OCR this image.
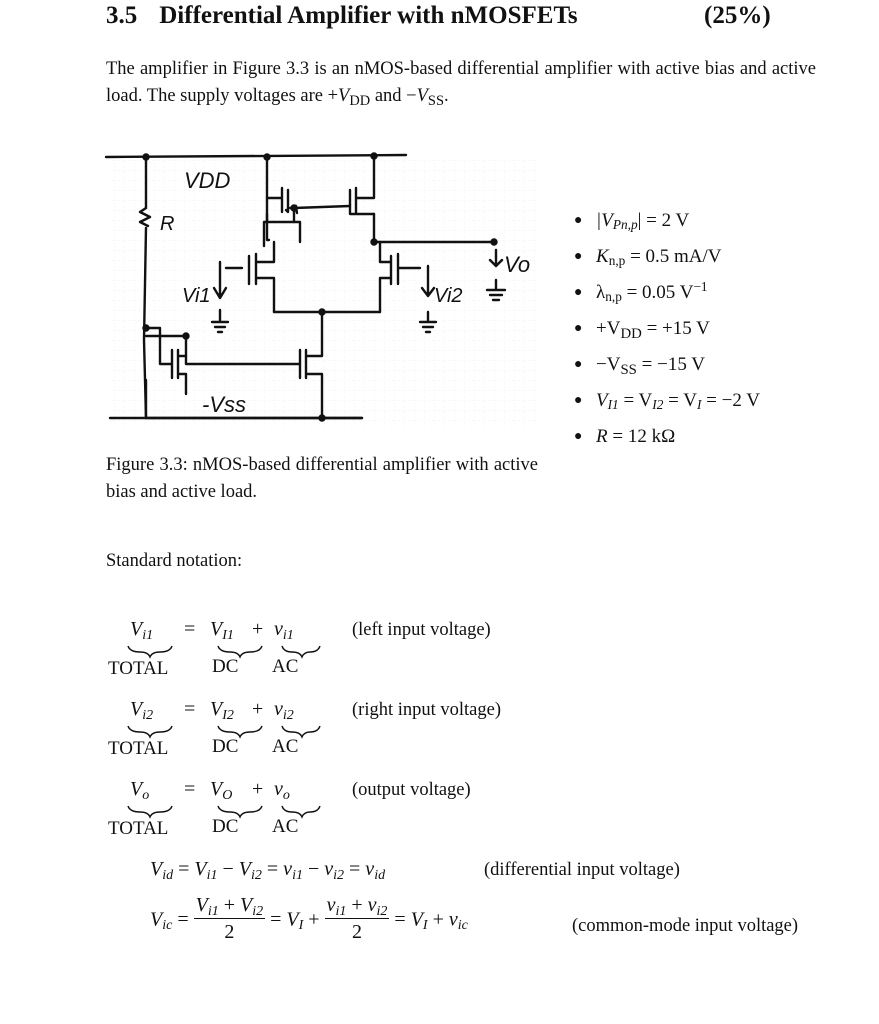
3.5 Differential Amplifier with nMOSFETs	(25%)
The amplifier in Figure 3.3 is an nMOS-based differential amplifier with active bias and active load. The supply voltages are $+V_{DD}$ and $-V_{SS}$.
VDD
R
Vo
Vi1	Vi2
-Vss
● $|V_{Pn,p}| = 2$ V
● $K_{n,p} = 0.5$ mA/V
● $\lambda_{n,p} = 0.05$ $V^{-1}$
● $+V_{DD} = +15$ V
● $-V_{SS} = -15$ V
● $V_{I1} = V_{I2} = V_I = -2$ V
● R = 12 kΩ
Figure 3.3: nMOS-based differential amplifier with active bias and active load.
Standard notation:
$V_{i1} = V_{I1} + v_{i1}$
TOTAL DC AC
(left input voltage)
$V_{i2} = V_{I2} + v_{i2}$
TOTAL DC AC
(right input voltage)
$V_o = V_O + v_o$
TOTAL DC AC
(output voltage)
$V_{id} = V_{i1} - V_{i2} = v_{i1} - v_{i2} = v_{id}$	(differential input voltage)
$V_{ic} = \frac{V_{i1} + V_{i2}}{2} = V_I + \frac{v_{i1} + v_{i2}}{2} = V_I + v_{ic}$	(common-mode input voltage)
